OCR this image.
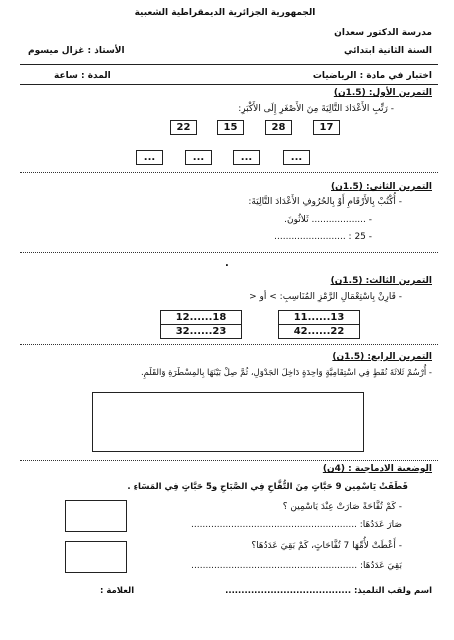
الجمهورية الجزائرية الديمقراطية الشعبية
مدرسة الدكتور سعدان
السنة الثانية ابتدائي
الأستاذ : غزال ميسوم
اختبار في مادة : الرياضيات
المدة : ساعة
التمرين الأول: (1.5ن)
- رَتِّبِ الأَعْدَادَ التَّالِيَةَ مِنَ الأَصْغَرِ إِلَى الأَكْبَرِ:
17
28
15
22
...
...
...
...
التمرين الثاني: (1.5ن)
- أُكْتُبْ بِالأَرْقَامِ أَوْ بِالحُرُوفِ الأَعْدَادَ التَّالِيَةَ:
- ................... ثَلاثُونَ.
- 25 : .........................
.
التمرين الثالث: (1.5ن)
- قَارِنْ بِاسْتِعْمَالِ الرَّمْزِ المُنَاسِبِ: > أو <
11......13
12......18
42......22
32......23
التمرين الرابع: (1.5ن)
- أُرْسُمْ ثَلاثَةَ نُقَطٍ فِي اسْتِقَامِيَّةٍ وَاحِدَةٍ دَاخِلَ الجَدْوَلِ، ثُمَّ صِلْ بَيْنَهَا بِالمِسْطَرَةِ وَالقَلَمِ.
الوضعية الادماجية : (4ن)
قَطَفَتْ يَاسْمِين 9 حَبَّاتٍ مِنَ التُّفَّاحِ فِي الصَّبَاحِ و5 حَبَّاتٍ فِي المَسَاءِ .
- كَمْ تُفَّاحَةً صَارَتْ عِنْدَ يَاسْمِين ؟
صَارَ عَدَدُهَا: ..........................................................
- أَعْطَتْ لأُمِّهَا 7 تُفَّاحَاتٍ، كَمْ بَقِيَ عَدَدُهَا؟
بَقِيَ عَدَدُهَا: ..........................................................
اسم ولقب التلميذ: .......................................
العلامة :
